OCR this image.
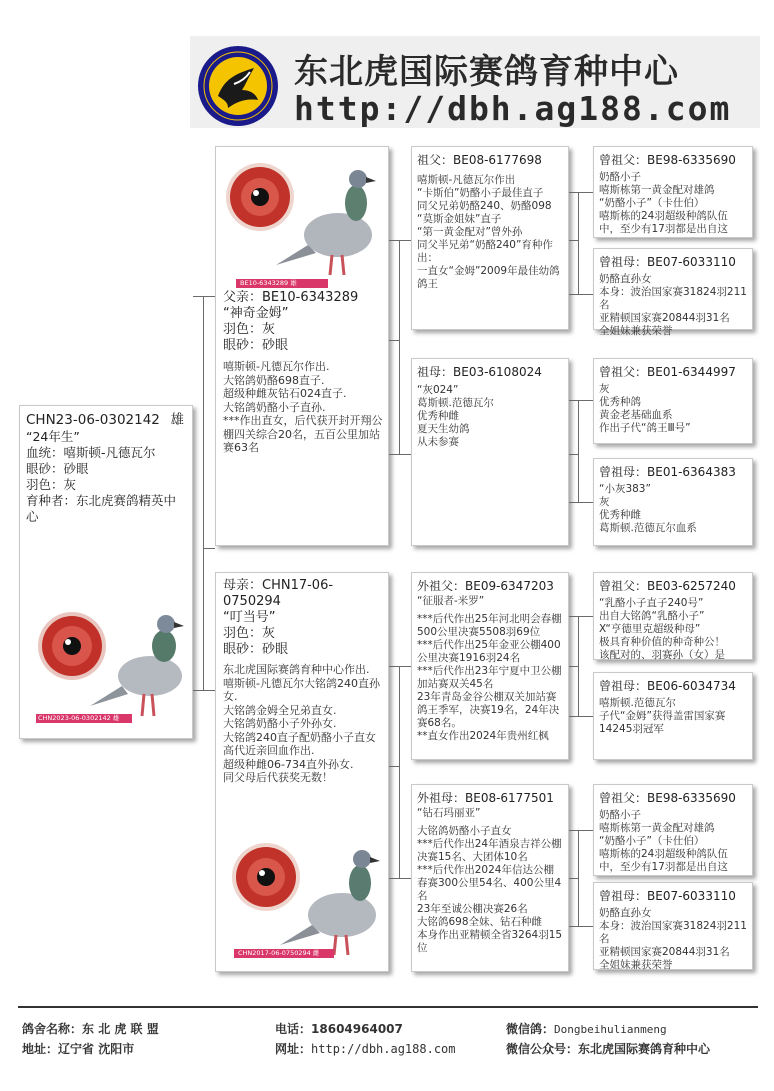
东北虎国际赛鸽育种中心
http://dbh.ag188.com
CHN23-06-0302142 雄
“24年生”
血统：嘻斯顿-凡德瓦尔
眼砂：砂眼
羽色：灰
育种者：东北虎赛鸽精英中心
CHN2023-06-0302142 雄
BE10-6343289 雄
父亲：BE10-6343289
“神奇金姆”
羽色：灰
眼砂：砂眼
嘻斯顿-凡德瓦尔作出.
大铭鸽奶酪698直子.
超级种雌灰钻石024直子.
大铭鸽奶酪小子直孙.
***作出直女，后代获开封开翔公棚四关综合20名，五百公里加站赛63名
母亲：CHN17-06-0750294
“叮当号”
羽色：灰
眼砂：砂眼
东北虎国际赛鸽育种中心作出.
嘻斯顿-凡德瓦尔大铭鸽240直孙女.
大铭鸽金姆全兄弟直女.
大铭鸽奶酪小子外孙女.
大铭鸽240直子配奶酪小子直女高代近亲回血作出.
超级种雌06-734直外孙女.
同父母后代获奖无数！
CHN2017-06-0750294 雌
祖父：BE08-6177698
嘻斯顿-凡德瓦尔作出
“卡斯伯”奶酪小子最佳直子
同父兄弟奶酪240、奶酪098
“莫斯金姐妹”直子
“第一黄金配对”曾外孙
同父半兄弟“奶酪240”育种作出：
一直女“金姆”2009年最佳幼鸽鸽王
祖母：BE03-6108024
“灰024”
葛斯顿.范德瓦尔
优秀种雌
夏天生幼鸽
从未参赛
外祖父：BE09-6347203
“征服者-米罗”
***后代作出25年河北明会春棚500公里决赛5508羽69位
***后代作出25年金亚公棚400公里决赛1916羽24名
***后代作出23年宁夏中卫公棚加站赛双关45名
23年青岛金谷公棚双关加站赛鸽王季军，决赛19名，24年决赛68名。
**直女作出2024年贵州红枫
外祖母：BE08-6177501
“钻石玛丽亚”
大铭鸽奶酪小子直女
***后代作出24年酒泉吉祥公棚决赛15名、大团体10名
***后代作出2024年信达公棚春赛300公里54名、400公里4名
23年至诚公棚决赛26名
大铭鸽698全妹、钻石种雌
本身作出亚精顿全省3264羽15位
曾祖父：BE98-6335690
奶酪小子
嘻斯栋第一黄金配对雄鸽
“奶酪小子”（卡仕伯）
嘻斯栋的24羽超级种鸽队伍中，至少有17羽都是出自这
曾祖母：BE07-6033110
奶酪直孙女
本身：波治国家赛31824羽211名
亚精顿国家赛20844羽31名
全姐妹兼获荣誉
曾祖父：BE01-6344997
灰
优秀种鸽
黄金老基础血系
作出子代“鸽王Ⅲ号”
曾祖母：BE01-6364383
“小灰383”
灰
优秀种雌
葛斯顿.范德瓦尔血系
曾祖父：BE03-6257240
“乳酪小子直子240号”
出自大铭鸽“乳酪小子”
X“亨德里克超级种母”
极具育种价值的种奇种公！
该配对的、羽赛孙（女）是
曾祖母：BE06-6034734
嘻斯顿.范德瓦尔
子代“金姆”获得盖雷国家赛14245羽冠军
曾祖父：BE98-6335690
奶酪小子
嘻斯栋第一黄金配对雄鸽
“奶酪小子”（卡仕伯）
嘻斯栋的24羽超级种鸽队伍中，至少有17羽都是出自这
曾祖母：BE07-6033110
奶酪直孙女
本身：波治国家赛31824羽211名
亚精顿国家赛20844羽31名
全姐妹兼获荣誉
鸽舍名称：东 北 虎 联 盟
地址：辽宁省 沈阳市
电话：18604964007
网址：http://dbh.ag188.com
微信鸽：Dongbeihulianmeng
微信公众号：东北虎国际赛鸽育种中心
